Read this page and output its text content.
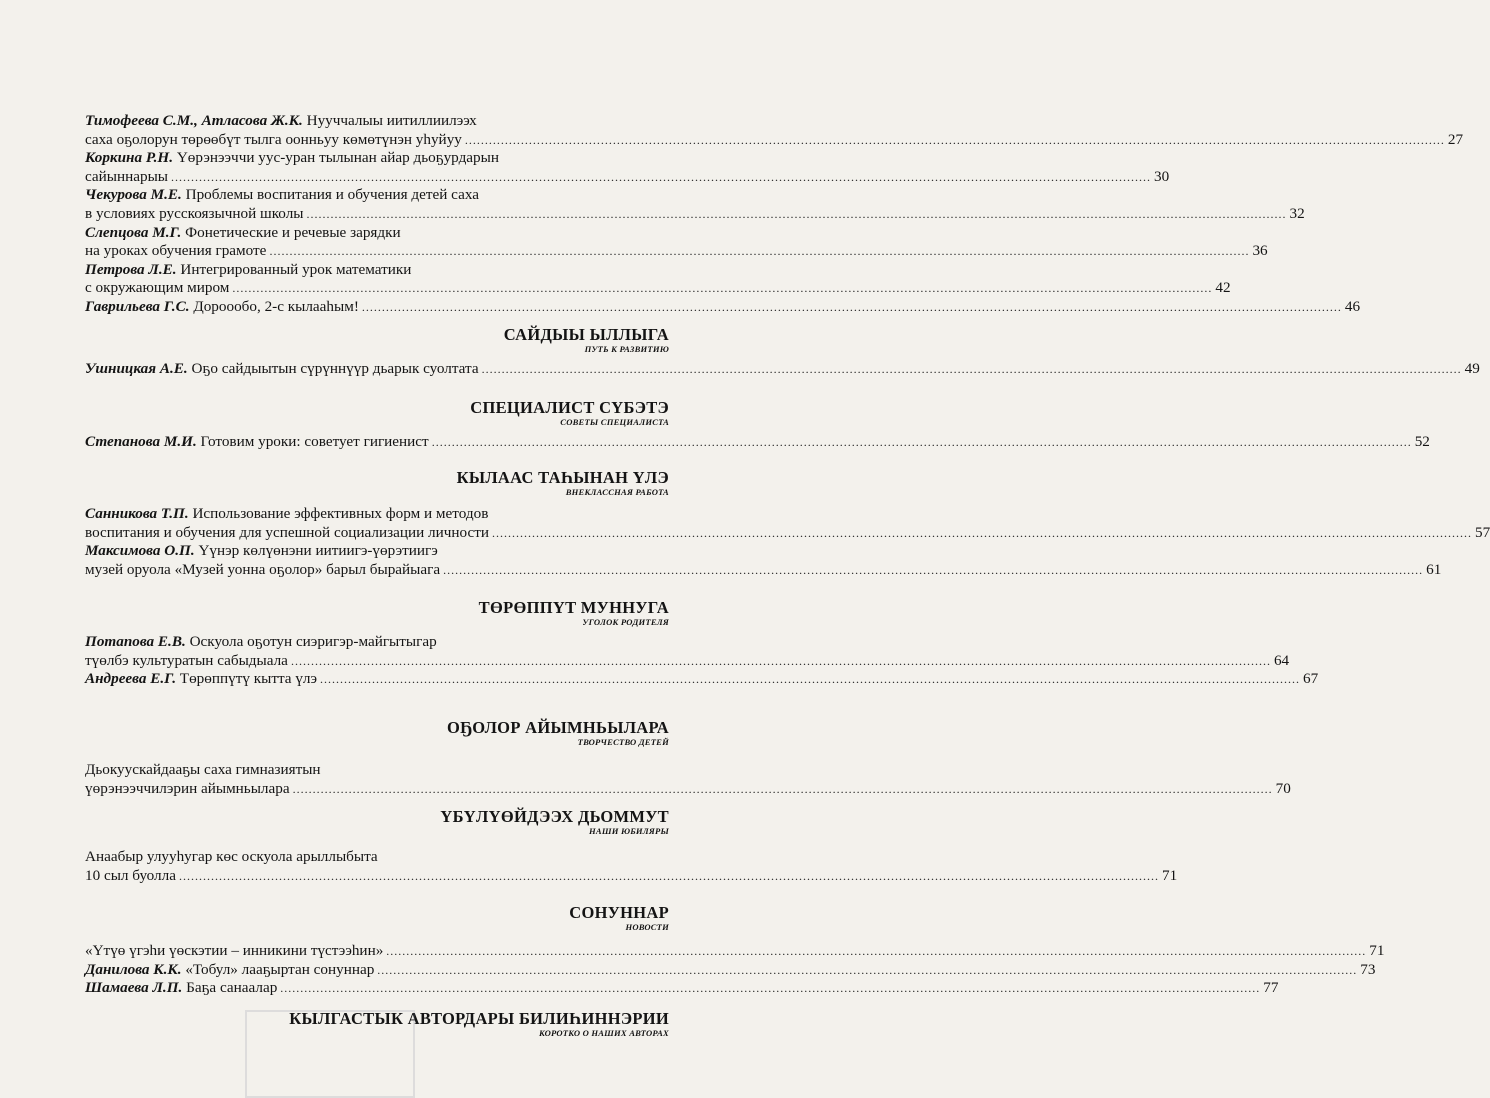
Тимофеева С.М., Атласова Ж.К. Нууччалыы иитиллиилээх
саха оҕолорун төрөөбүт тылга оонньуу көмөтүнэн уһуйуу .....	27
Коркина Р.Н. Үөрэнээччи уус-уран тылынан айар дьоҕурдарын
сайыннарыы .....	30
Чекурова М.Е. Проблемы воспитания и обучения детей саха
в условиях русскоязычной школы .....	32
Слепцова М.Г. Фонетические и речевые зарядки
на уроках обучения грамоте .....	36
Петрова Л.Е. Интегрированный урок математики
с окружающим миром .....	42
Гаврильева Г.С. Дороообо, 2-с кылааһым! .....	46
САЙДЫЫ ЫЛЛЫГА
ПУТЬ К РАЗВИТИЮ
Ушницкая А.Е. Оҕо сайдыытын сүрүннүүр дьарык суолтата .....	49
СПЕЦИАЛИСТ СҮБЭТЭ
СОВЕТЫ СПЕЦИАЛИСТА
Степанова М.И. Готовим уроки: советует гигиенист .....	52
КЫЛААС ТАҺЫНАН ҮЛЭ
ВНЕКЛАССНАЯ РАБОТА
Санникова Т.П. Использование эффективных форм и методов
воспитания и обучения для успешной социализации личности .....	57
Максимова О.П. Үүнэр көлүөнэни иитиигэ-үөрэтиигэ
музей оруола «Музей уонна оҕолор» барыл бырайыага .....	61
ТӨРӨППҮТ МУННУГА
УГОЛОК РОДИТЕЛЯ
Потапова Е.В. Оскуола оҕотун сиэригэр-майгытыгар
түөлбэ культуратын сабыдыала .....	64
Андреева Е.Г. Төрөппүтү кытта үлэ .....	67
ОҔОЛОР АЙЫМНЬЫЛАРА
ТВОРЧЕСТВО ДЕТЕЙ
Дьокуускайдааҕы саха гимназиятын
үөрэнээччилэрин айымньылара .....	70
ҮБҮЛҮӨЙДЭЭХ ДЬОММУТ
НАШИ ЮБИЛЯРЫ
Анаабыр улууһугар көс оскуола арыллыбыта
10 сыл буолла .....	71
СОНУННАР
НОВОСТИ
«Үтүө үгэһи үөскэтии – инникини түстээһин» .....	71
Данилова К.К. «Тобул» лааҕыртан сонуннар .....	73
Шамаева Л.П. Баҕа санаалар .....	77
КЫЛГАСТЫК АВТОРДАРЫ БИЛИҺИННЭРИИ
КОРОТКО О НАШИХ АВТОРАХ
